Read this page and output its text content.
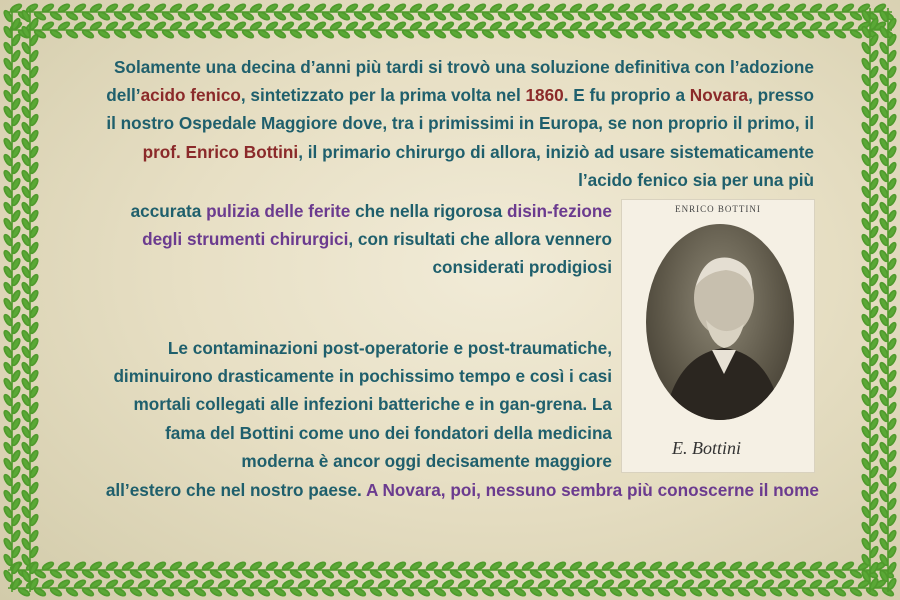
Solamente una decina d’anni più tardi si trovò una soluzione definitiva con l’adozione dell’acido fenico, sintetizzato per la prima volta nel 1860. E fu proprio a Novara, presso il nostro Ospedale Maggiore dove, tra i primissimi in Europa, se non proprio il primo, il prof. Enrico Bottini, il primario chirurgo di allora, iniziò ad usare sistematicamente l’acido fenico sia per una più
accurata pulizia delle ferite che nella rigorosa disin-fezione degli strumenti chirurgici, con risultati che allora vennero considerati prodigiosi
Le contaminazioni post-operatorie e post-traumatiche, diminuirono drasticamente in pochissimo tempo e così i casi mortali collegati alle infezioni batteriche e in gan-grena. La fama del Bottini come uno dei fondatori della medicina moderna è ancor oggi decisamente maggiore
all’estero che nel nostro paese. A Novara, poi, nessuno sembra più conoscerne il nome
ENRICO BOTTINI
E. Bottini
